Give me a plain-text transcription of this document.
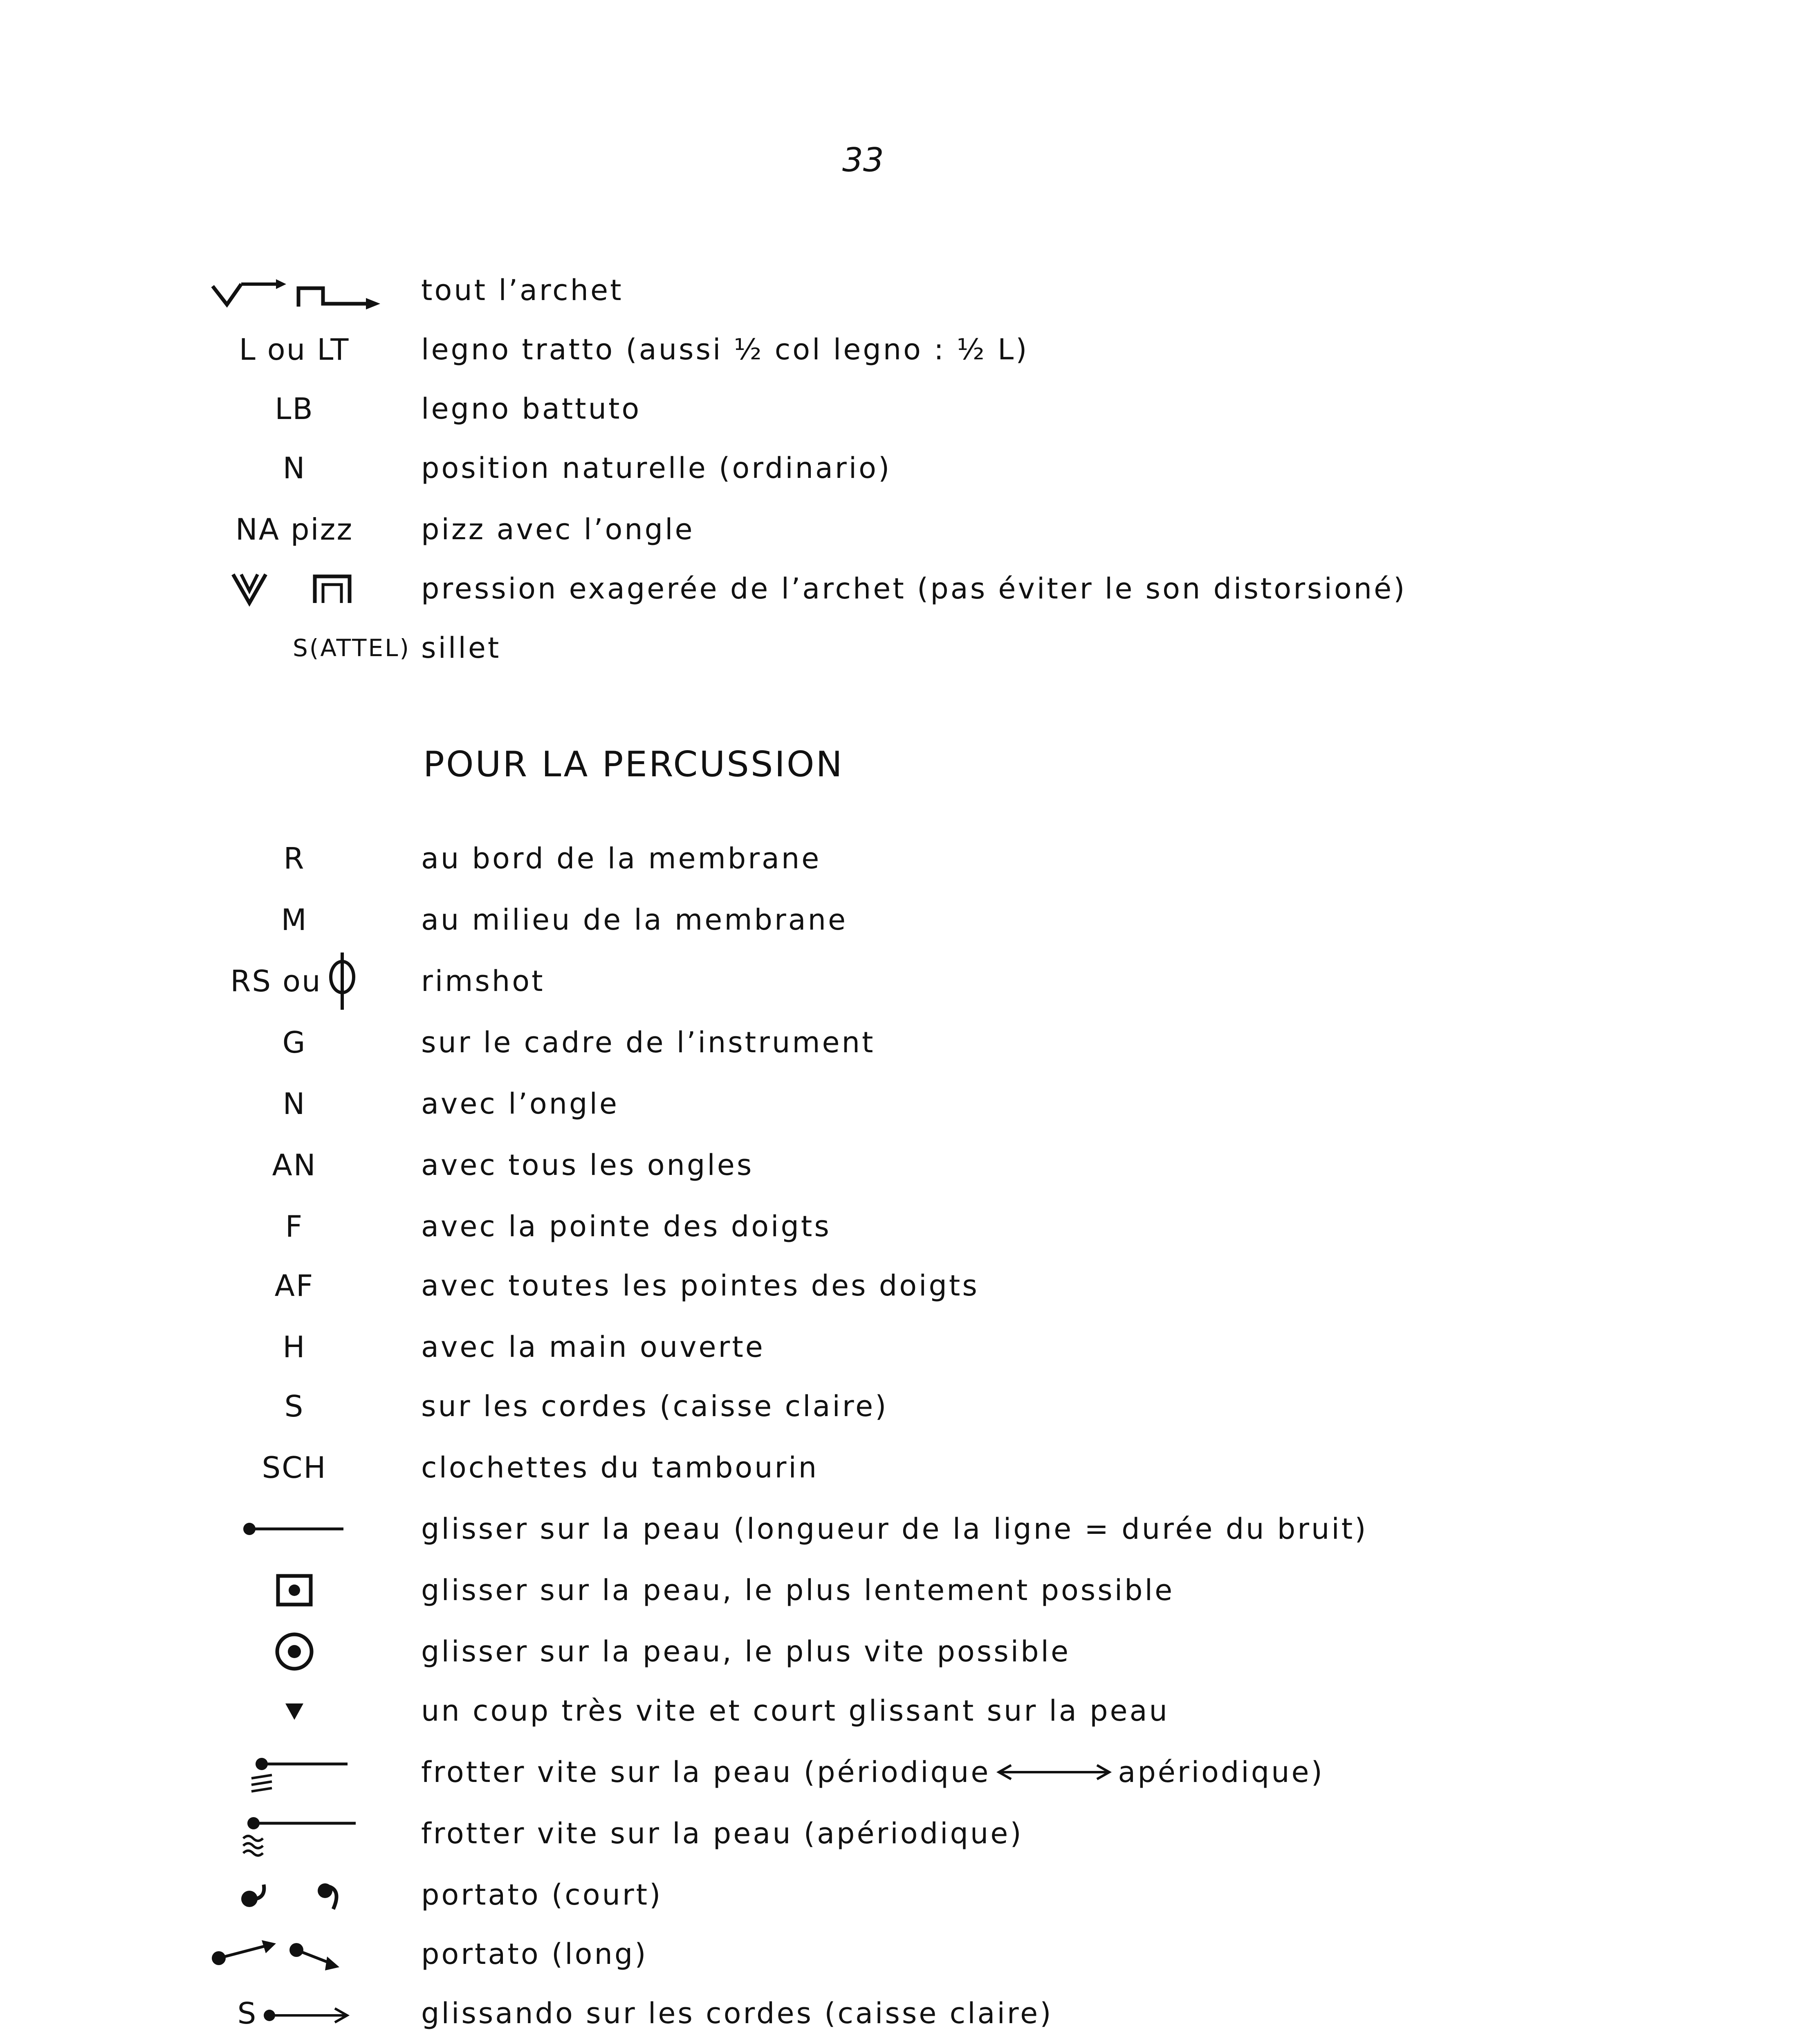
33
tout l’archet
L ou LT	legno tratto (aussi ½ col legno : ½ L)
LB	legno battuto
N	position naturelle (ordinario)
NA pizz	pizz avec l’ongle
pression exagerée de l’archet (pas éviter le son distorsioné)
S(ATTEL) sillet
POUR LA PERCUSSION
R	au bord de la membrane
M	au milieu de la membrane
RS ou	rimshot
G	sur le cadre de l’instrument
N	avec l’ongle
AN	avec tous les ongles
F	avec la pointe des doigts
AF	avec toutes les pointes des doigts
H	avec la main ouverte
S	sur les cordes (caisse claire)
SCH	clochettes du tambourin
glisser sur la peau (longueur de la ligne = durée du bruit)
glisser sur la peau, le plus lentement possible
glisser sur la peau, le plus vite possible
un coup très vite et court glissant sur la peau
frotter vite sur la peau (périodique	apériodique)
frotter vite sur la peau (apériodique)
portato (court)
portato (long)
S	glissando sur les cordes (caisse claire)
